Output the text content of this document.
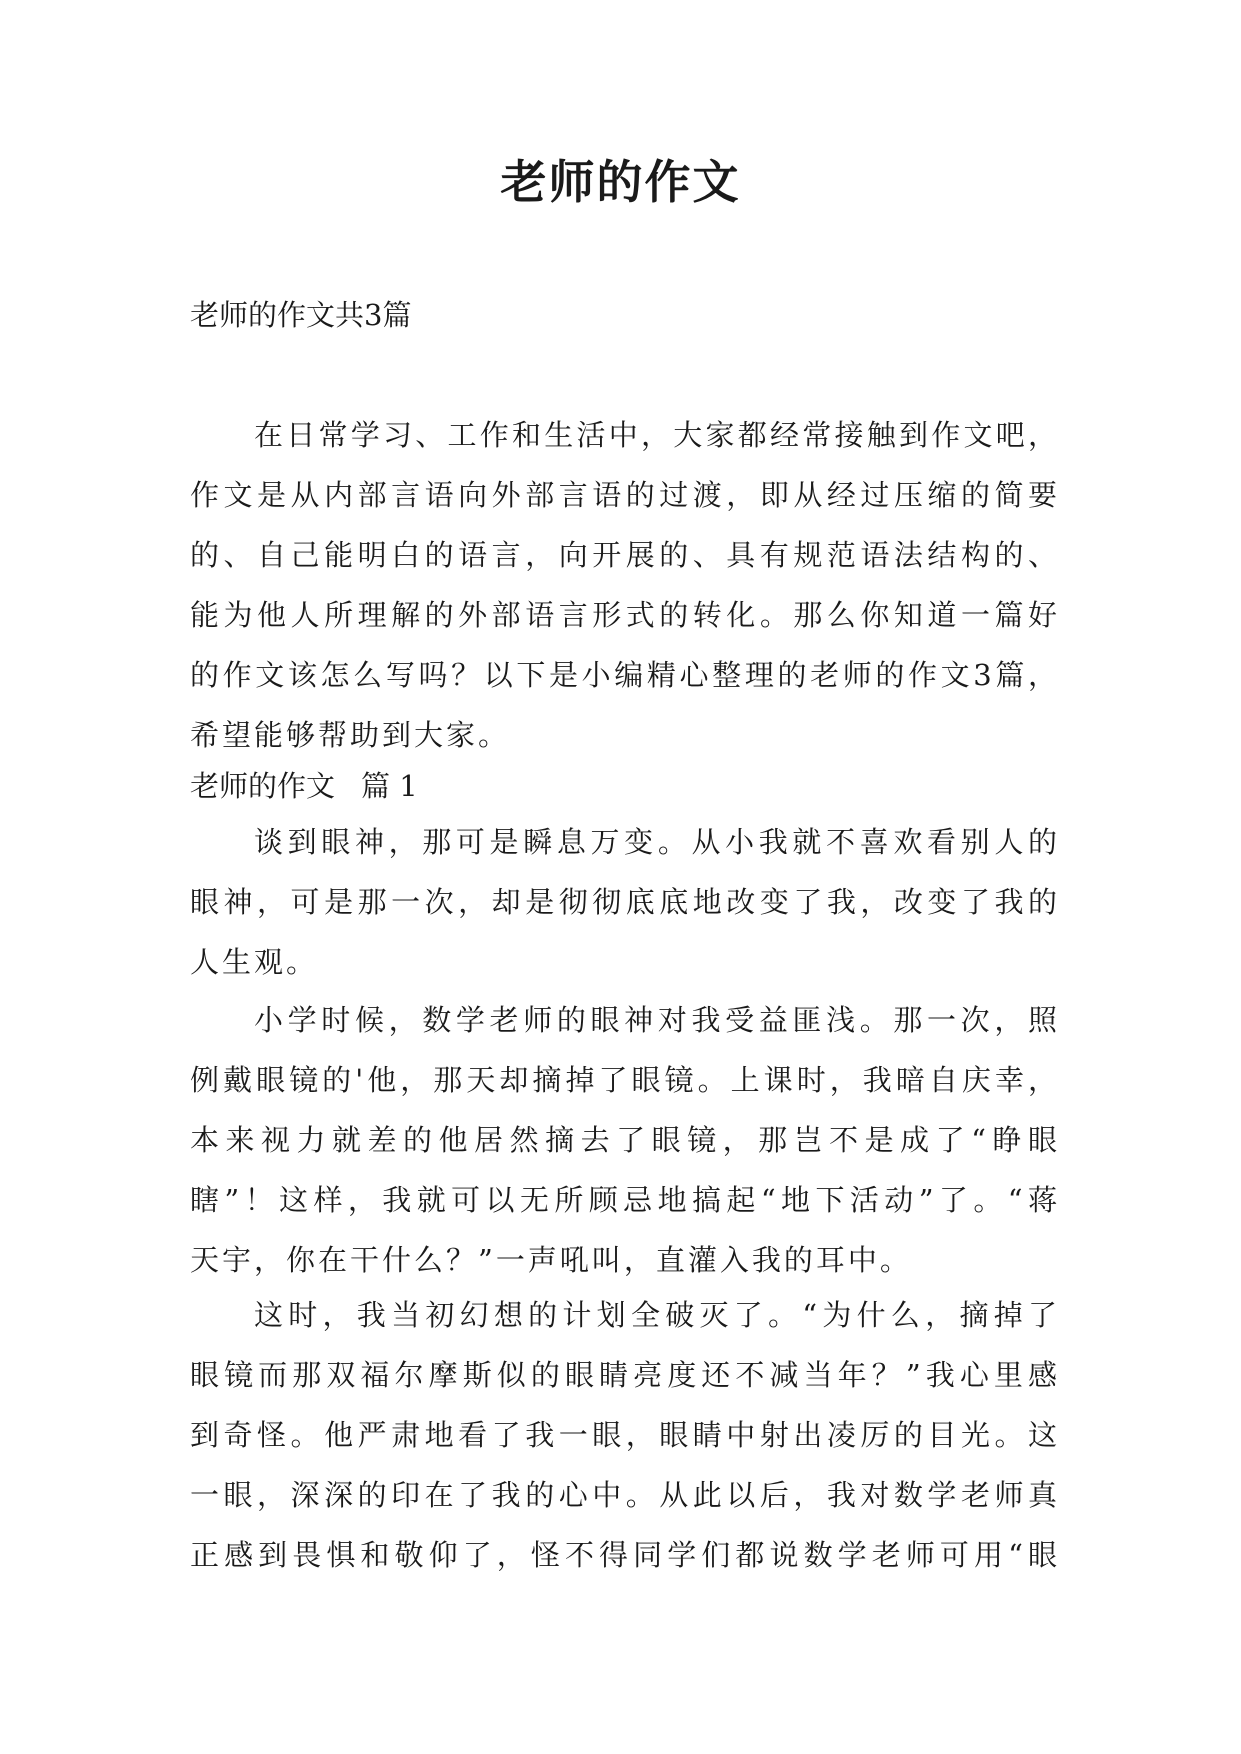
老师的作文

老师的作文共3篇

在日常学习、工作和生活中，大家都经常接触到作文吧，
作文是从内部言语向外部言语的过渡，即从经过压缩的简要
的、自己能明白的语言，向开展的、具有规范语法结构的、
能为他人所理解的外部语言形式的转化。那么你知道一篇好
的作文该怎么写吗？以下是小编精心整理的老师的作文3篇，
希望能够帮助到大家。

老师的作文 篇 1

谈到眼神，那可是瞬息万变。从小我就不喜欢看别人的
眼神，可是那一次，却是彻彻底底地改变了我，改变了我的
人生观。
小学时候，数学老师的眼神对我受益匪浅。那一次，照
例戴眼镜的'他，那天却摘掉了眼镜。上课时，我暗自庆幸，
本来视力就差的他居然摘去了眼镜，那岂不是成了“睁眼
瞎”！这样，我就可以无所顾忌地搞起“地下活动”了。“蒋
天宇，你在干什么？”一声吼叫，直灌入我的耳中。
这时，我当初幻想的计划全破灭了。“为什么，摘掉了
眼镜而那双福尔摩斯似的眼睛亮度还不减当年？”我心里感
到奇怪。他严肃地看了我一眼，眼睛中射出凌厉的目光。这
一眼，深深的印在了我的心中。从此以后，我对数学老师真
正感到畏惧和敬仰了，怪不得同学们都说数学老师可用“眼
